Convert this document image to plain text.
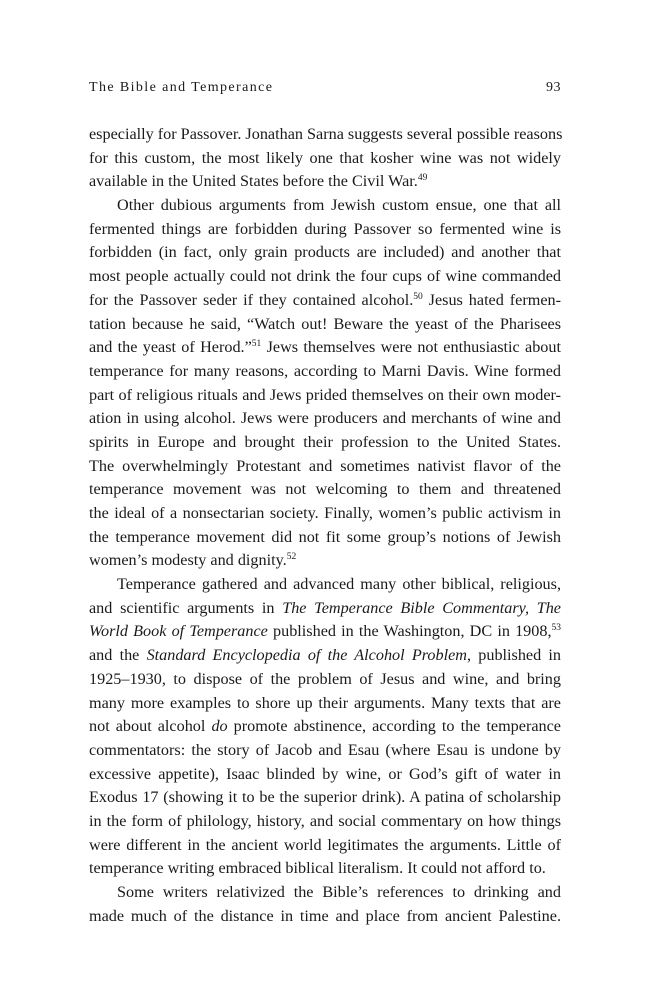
The Bible and Temperance	93
especially for Passover. Jonathan Sarna suggests several possible reasons
for this custom, the most likely one that kosher wine was not widely
available in the United States before the Civil War.$^{49}$
Other dubious arguments from Jewish custom ensue, one that all
fermented things are forbidden during Passover so fermented wine is
forbidden (in fact, only grain products are included) and another that
most people actually could not drink the four cups of wine commanded
for the Passover seder if they contained alcohol.$^{50}$ Jesus hated fermen-
tation because he said, “Watch out! Beware the yeast of the Pharisees
and the yeast of Herod.”$^{51}$ Jews themselves were not enthusiastic about
temperance for many reasons, according to Marni Davis. Wine formed
part of religious rituals and Jews prided themselves on their own moder-
ation in using alcohol. Jews were producers and merchants of wine and
spirits in Europe and brought their profession to the United States.
The overwhelmingly Protestant and sometimes nativist flavor of the
temperance movement was not welcoming to them and threatened
the ideal of a nonsectarian society. Finally, women’s public activism in
the temperance movement did not fit some group’s notions of Jewish
women’s modesty and dignity.$^{52}$
Temperance gathered and advanced many other biblical, religious,
and scientific arguments in The Temperance Bible Commentary, The
World Book of Temperance published in the Washington, DC in 1908,53
and the Standard Encyclopedia of the Alcohol Problem, published in
1925–1930, to dispose of the problem of Jesus and wine, and bring
many more examples to shore up their arguments. Many texts that are
not about alcohol do promote abstinence, according to the temperance
commentators: the story of Jacob and Esau (where Esau is undone by
excessive appetite), Isaac blinded by wine, or God’s gift of water in
Exodus 17 (showing it to be the superior drink). A patina of scholarship
in the form of philology, history, and social commentary on how things
were different in the ancient world legitimates the arguments. Little of
temperance writing embraced biblical literalism. It could not afford to.
Some writers relativized the Bible’s references to drinking and
made much of the distance in time and place from ancient Palestine.
